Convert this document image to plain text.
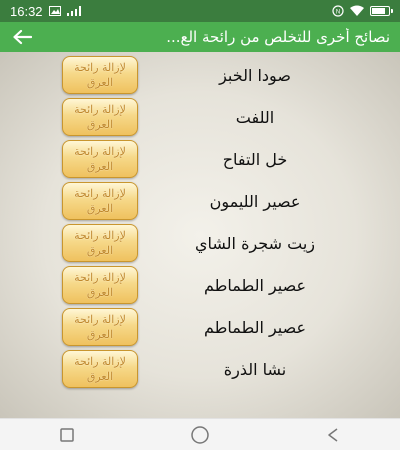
16:32	N
نصائح أخرى للتخلص من رائحة الع...
لإزالة رائحة
العرق	صودا الخبز
لإزالة رائحة
العرق	اللفت
لإزالة رائحة
العرق	خل التفاح
لإزالة رائحة
العرق	عصير الليمون
لإزالة رائحة
العرق	زيت شجرة الشاي
لإزالة رائحة
العرق	عصير الطماطم
لإزالة رائحة
العرق	عصير الطماطم
لإزالة رائحة
العرق	نشا الذرة
